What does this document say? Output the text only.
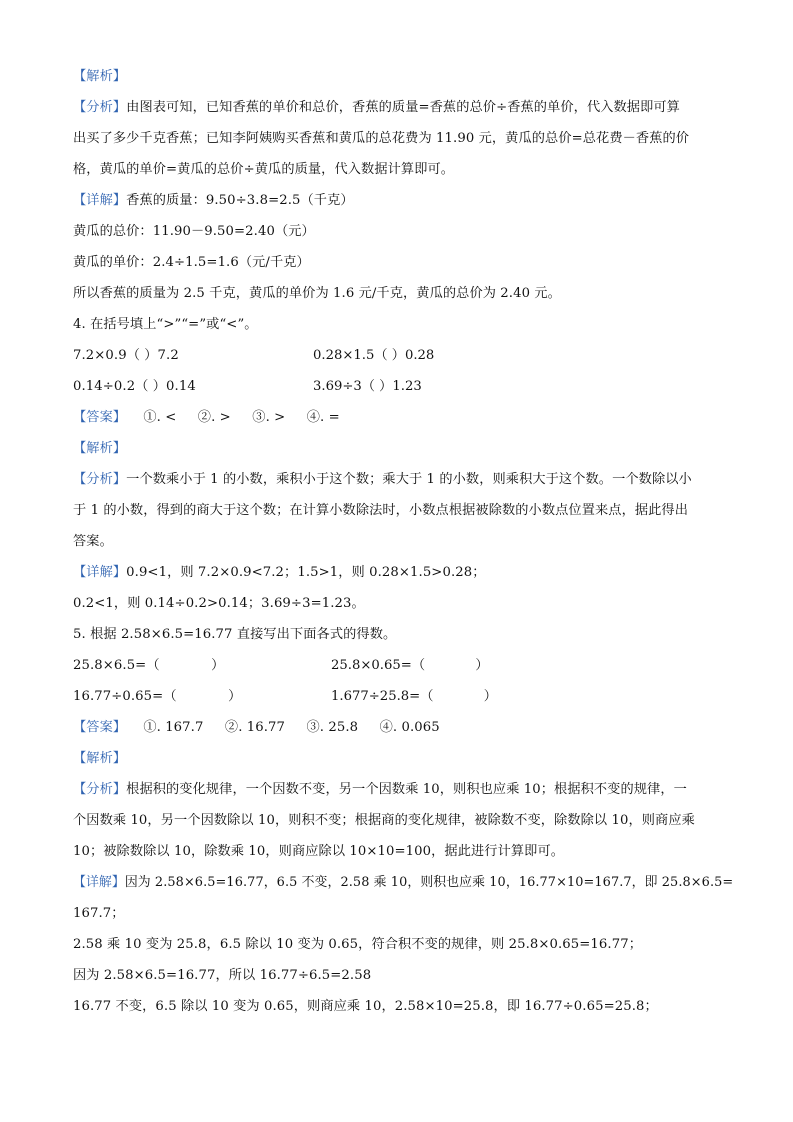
【解析】
【分析】由图表可知，已知香蕉的单价和总价，香蕉的质量=香蕉的总价÷香蕉的单价，代入数据即可算
出买了多少千克香蕉；已知李阿姨购买香蕉和黄瓜的总花费为 11.90 元，黄瓜的总价=总花费－香蕉的价
格，黄瓜的单价=黄瓜的总价÷黄瓜的质量，代入数据计算即可。
【详解】香蕉的质量：9.50÷3.8=2.5（千克）
黄瓜的总价：11.90－9.50=2.40（元）
黄瓜的单价：2.4÷1.5=1.6（元/千克）
所以香蕉的质量为 2.5 千克，黄瓜的单价为 1.6 元/千克，黄瓜的总价为 2.40 元。
4. 在括号填上“>”“=”或“<”。
7.2×0.9（ ）7.2	0.28×1.5（ ）0.28
0.14÷0.2（ ）0.14	3.69÷3（ ）1.23
【答案】    ①. <     ②. >     ③. >     ④. =
【解析】
【分析】一个数乘小于 1 的小数，乘积小于这个数；乘大于 1 的小数，则乘积大于这个数。一个数除以小
于 1 的小数，得到的商大于这个数；在计算小数除法时，小数点根据被除数的小数点位置来点，据此得出
答案。
【详解】0.9<1，则 7.2×0.9<7.2；1.5>1，则 0.28×1.5>0.28；
0.2<1，则 0.14÷0.2>0.14；3.69÷3=1.23。
5. 根据 2.58×6.5=16.77 直接写出下面各式的得数。
25.8×6.5=（            ）	25.8×0.65=（            ）
16.77÷0.65=（            ）	1.677÷25.8=（            ）
【答案】    ①. 167.7     ②. 16.77     ③. 25.8     ④. 0.065
【解析】
【分析】根据积的变化规律，一个因数不变，另一个因数乘 10，则积也应乘 10；根据积不变的规律，一
个因数乘 10，另一个因数除以 10，则积不变；根据商的变化规律，被除数不变，除数除以 10，则商应乘
10；被除数除以 10，除数乘 10，则商应除以 10×10=100，据此进行计算即可。
【详解】因为 2.58×6.5=16.77，6.5 不变，2.58 乘 10，则积也应乘 10，16.77×10=167.7，即 25.8×6.5=
167.7；
2.58 乘 10 变为 25.8，6.5 除以 10 变为 0.65，符合积不变的规律，则 25.8×0.65=16.77；
因为 2.58×6.5=16.77，所以 16.77÷6.5=2.58
16.77 不变，6.5 除以 10 变为 0.65，则商应乘 10，2.58×10=25.8，即 16.77÷0.65=25.8；
